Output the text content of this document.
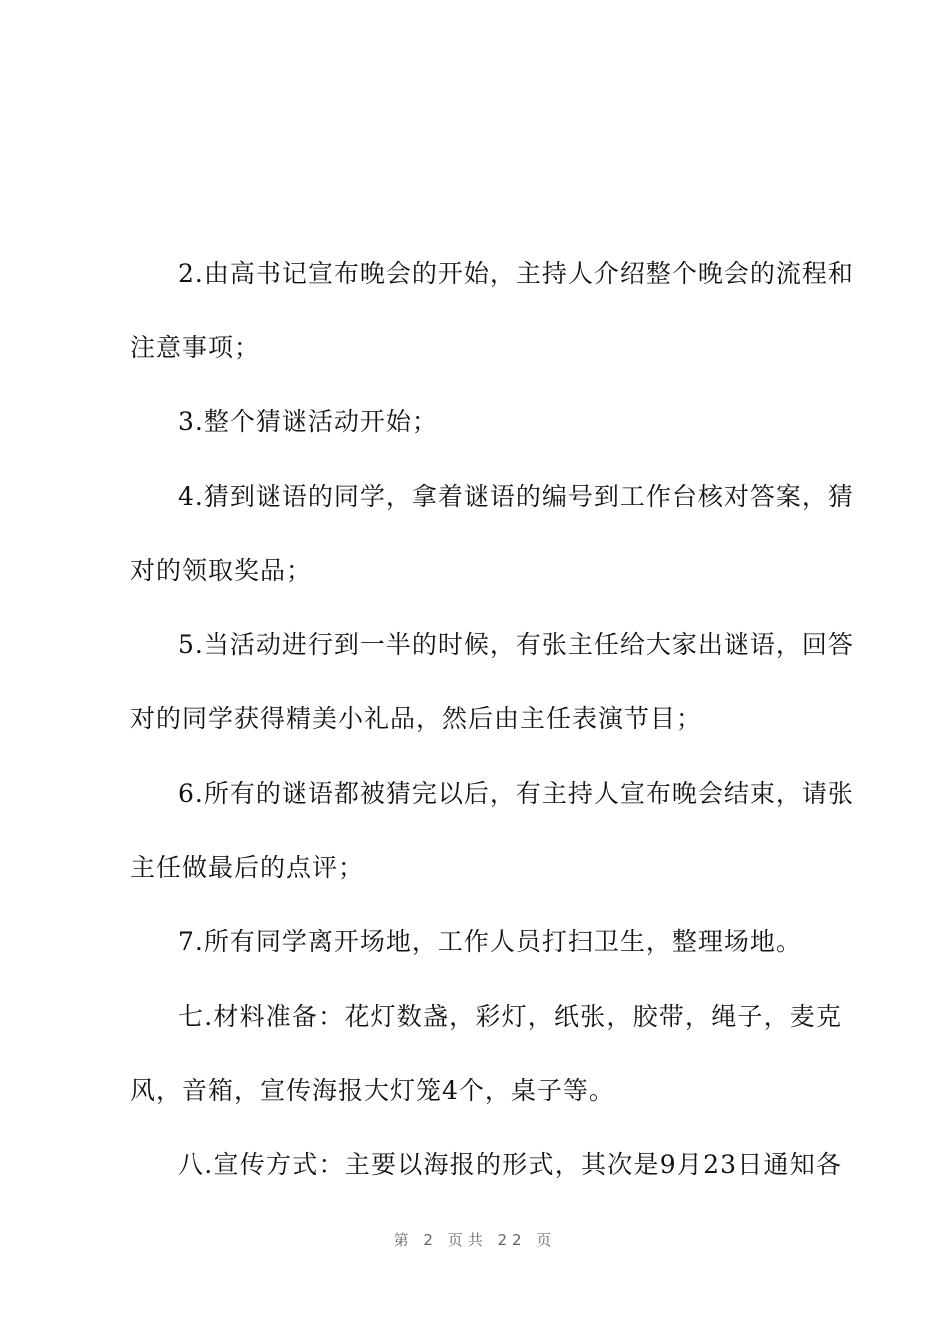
2.由高书记宣布晚会的开始，主持人介绍整个晚会的流程和
注意事项；
3.整个猜谜活动开始；
4.猜到谜语的同学，拿着谜语的编号到工作台核对答案，猜
对的领取奖品；
5.当活动进行到一半的时候，有张主任给大家出谜语，回答
对的同学获得精美小礼品，然后由主任表演节目；
6.所有的谜语都被猜完以后，有主持人宣布晚会结束，请张
主任做最后的点评；
7.所有同学离开场地，工作人员打扫卫生，整理场地。
七.材料准备：花灯数盏，彩灯，纸张，胶带，绳子，麦克
风，音箱，宣传海报大灯笼4个，桌子等。
八.宣传方式：主要以海报的形式，其次是9月23日通知各
第 2 页共 22 页
